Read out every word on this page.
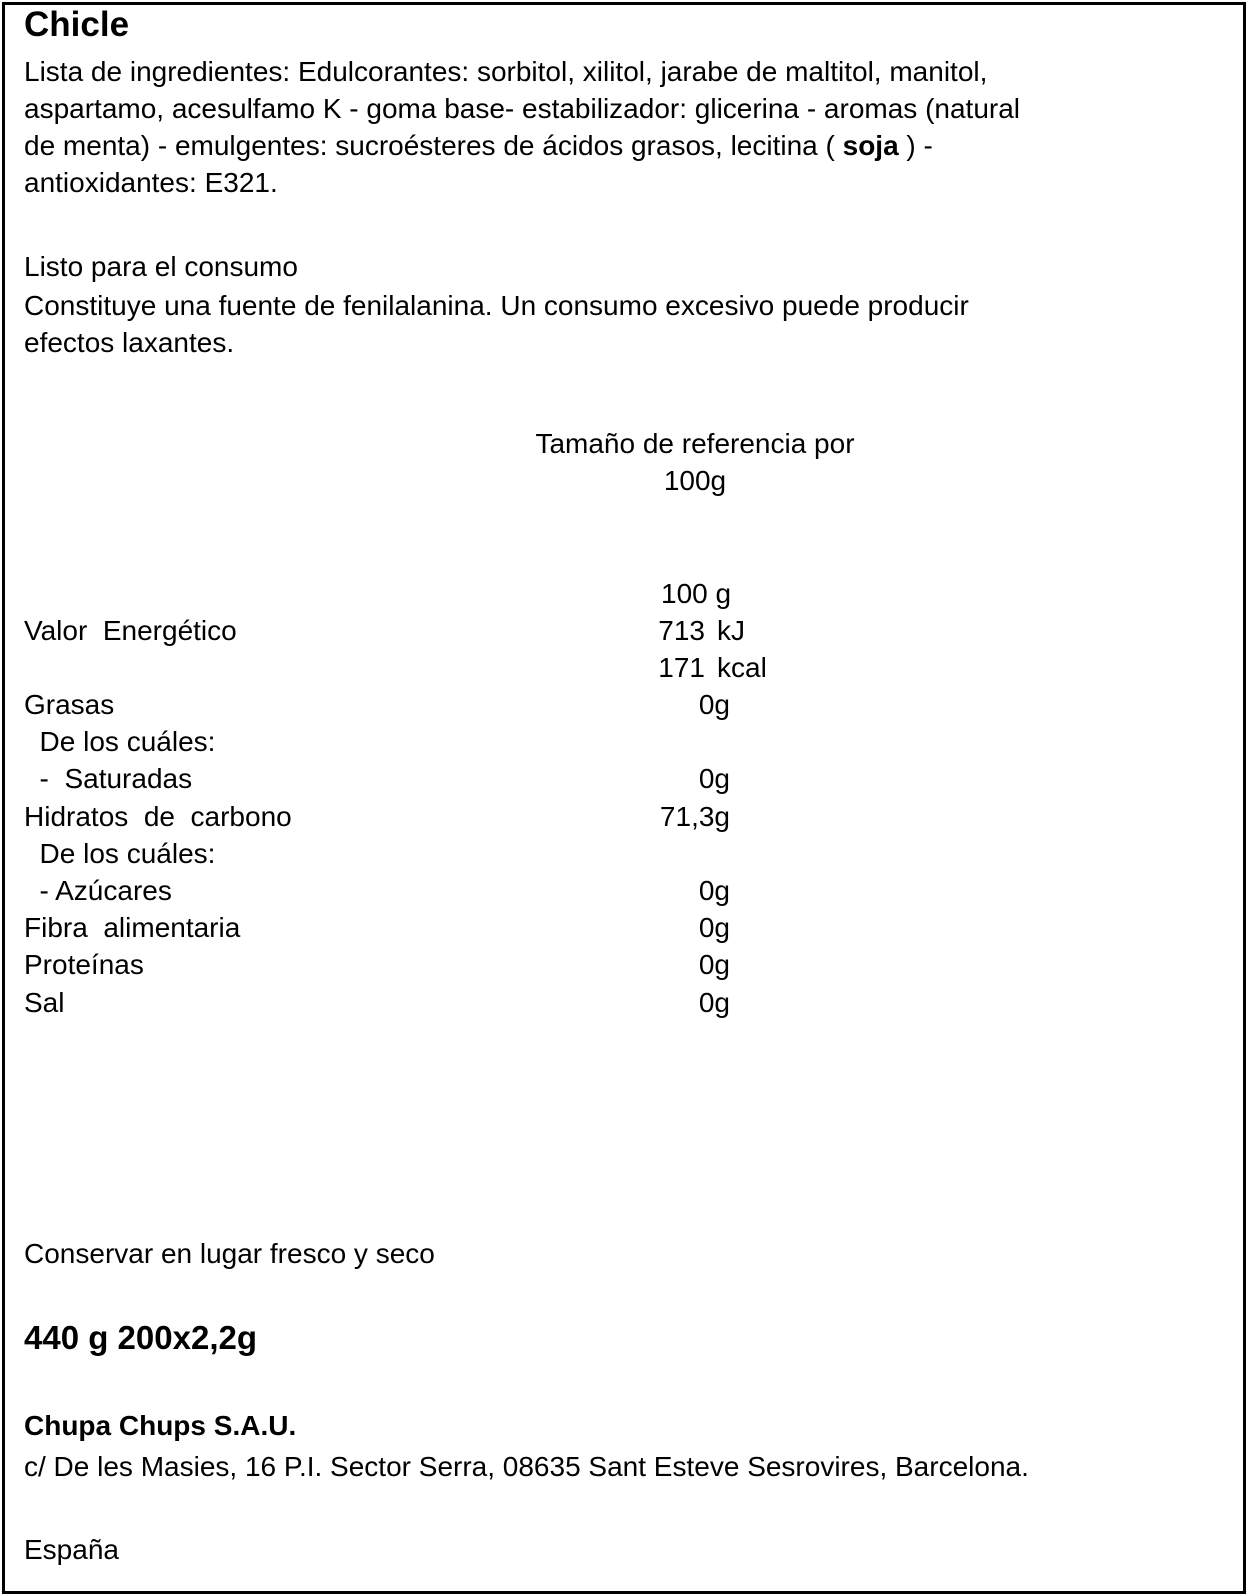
Chicle
Lista de ingredientes: Edulcorantes: sorbitol, xilitol, jarabe de maltitol, manitol,
aspartamo, acesulfamo K - goma base- estabilizador: glicerina - aromas (natural
de menta) - emulgentes: sucroésteres de ácidos grasos, lecitina ( soja ) -
antioxidantes: E321.
Listo para el consumo
Constituye una fuente de fenilalanina. Un consumo excesivo puede producir
efectos laxantes.
Tamaño de referencia por
100g
100 g
Valor  Energético	713 kJ
171 kcal
Grasas	0g
De los cuáles:
-  Saturadas	0g
Hidratos  de  carbono	71,3g
De los cuáles:
- Azúcares	0g
Fibra  alimentaria	0g
Proteínas	0g
Sal	0g
Conservar en lugar fresco y seco
440 g 200x2,2g
Chupa Chups S.A.U.
c/ De les Masies, 16 P.I. Sector Serra, 08635 Sant Esteve Sesrovires, Barcelona.
España
